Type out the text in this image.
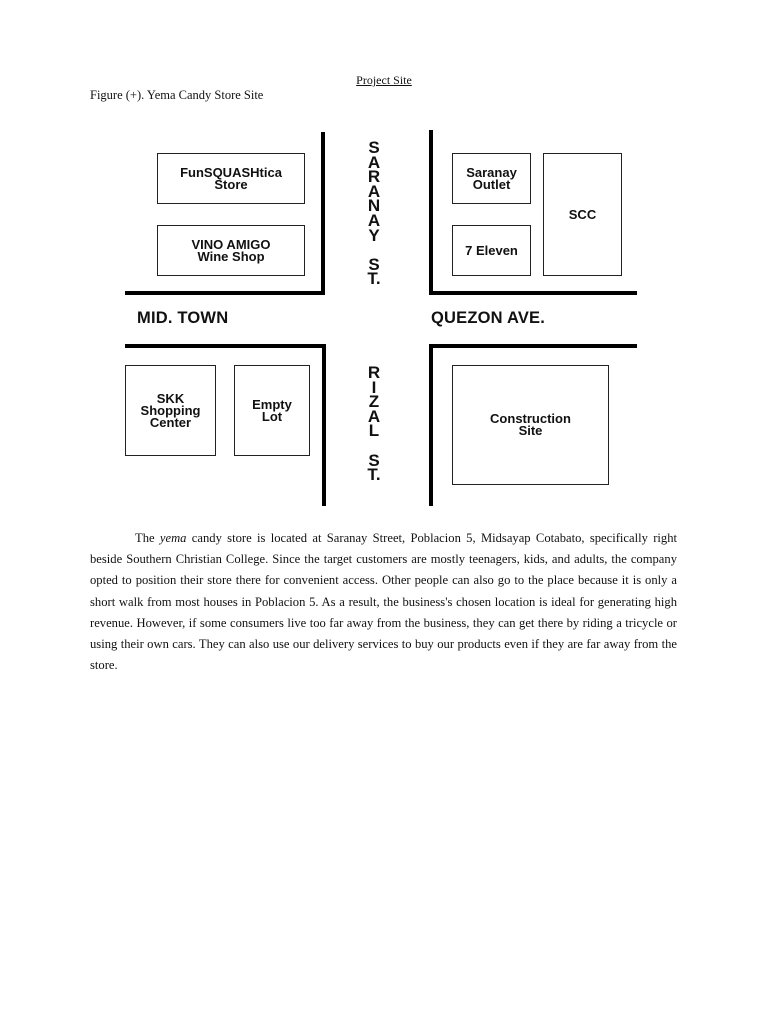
Project Site
Figure (+). Yema Candy Store Site
S
A
R
A
N
A
Y

S
T.
R
I
Z
A
L

S
T.
MID. TOWN	QUEZON AVE.
FunSQUASHtica
Store
VINO AMIGO
Wine Shop
Saranay
Outlet
7 Eleven
SCC
SKK
Shopping
Center
Empty
Lot	Construction
Site

The yema candy store is located at Saranay Street, Poblacion 5, Midsayap Cotabato, specifically right beside Southern Christian College. Since the target customers are mostly teenagers, kids, and adults, the company opted to position their store there for convenient access. Other people can also go to the place because it is only a short walk from most houses in Poblacion 5. As a result, the business's chosen location is ideal for generating high revenue. However, if some consumers live too far away from the business, they can get there by riding a tricycle or using their own cars. They can also use our delivery services to buy our products even if they are far away from the store.
